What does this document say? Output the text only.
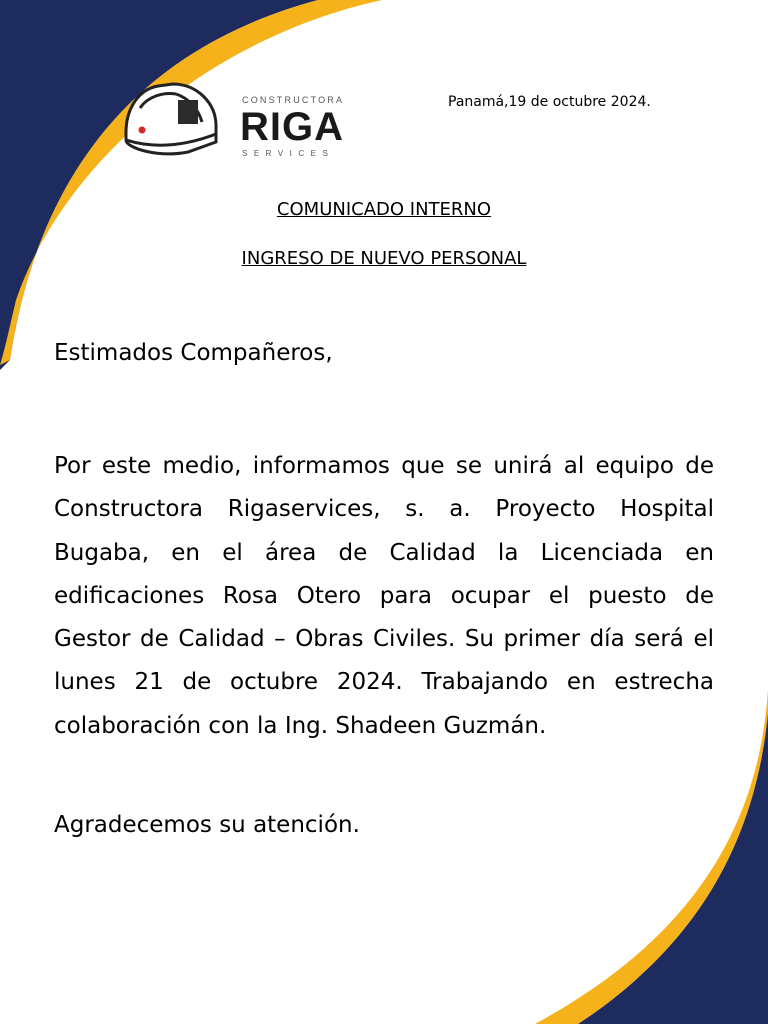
CONSTRUCTORA
RIGA
SERVICES
Panamá,19 de octubre 2024.
COMUNICADO INTERNO
INGRESO DE NUEVO PERSONAL
Estimados Compañeros,

Por este medio, informamos que se unirá al equipo de Constructora Rigaservices, s. a. Proyecto Hospital Bugaba, en el área de Calidad la Licenciada en edificaciones Rosa Otero para ocupar el puesto de Gestor de Calidad – Obras Civiles. Su primer día será el lunes 21 de octubre 2024. Trabajando en estrecha colaboración con la Ing. Shadeen Guzmán.

Agradecemos su atención.
